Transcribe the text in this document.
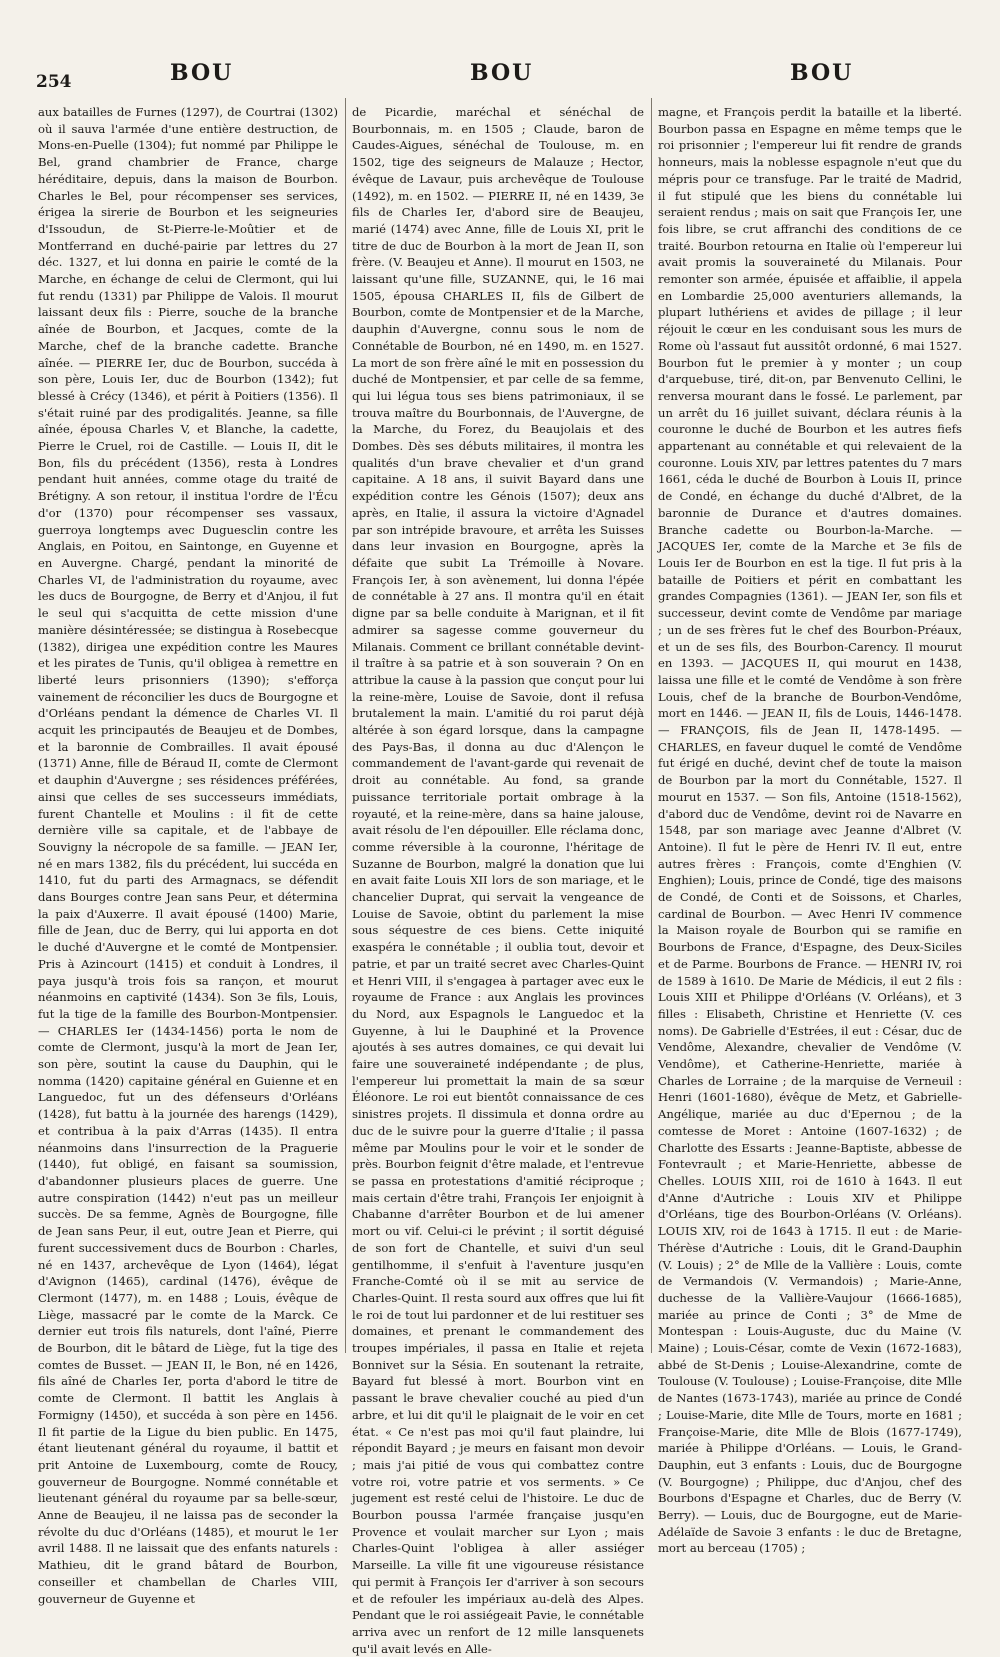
254	BOU	BOU	BOU

aux batailles de Furnes (1297), de Courtrai (1302) où il sauva l'armée d'une entière destruction, de Mons-en-Puelle (1304); fut nommé par Philippe le Bel, grand chambrier de France, charge héréditaire, depuis, dans la maison de Bourbon. Charles le Bel, pour récompenser ses services, érigea la sirerie de Bourbon et les seigneuries d'Issoudun, de St-Pierre-le-Moûtier et de Montferrand en duché-pairie par lettres du 27 déc. 1327, et lui donna en pairie le comté de la Marche, en échange de celui de Clermont, qui lui fut rendu (1331) par Philippe de Valois. Il mourut laissant deux fils : Pierre, souche de la branche aînée de Bourbon, et Jacques, comte de la Marche, chef de la branche cadette. Branche aînée. — PIERRE Ier, duc de Bourbon, succéda à son père, Louis Ier, duc de Bourbon (1342); fut blessé à Crécy (1346), et périt à Poitiers (1356). Il s'était ruiné par des prodigalités. Jeanne, sa fille aînée, épousa Charles V, et Blanche, la cadette, Pierre le Cruel, roi de Castille. — Louis II, dit le Bon, fils du précédent (1356), resta à Londres pendant huit années, comme otage du traité de Brétigny. A son retour, il institua l'ordre de l'Écu d'or (1370) pour récompenser ses vassaux, guerroya longtemps avec Duguesclin contre les Anglais, en Poitou, en Saintonge, en Guyenne et en Auvergne. Chargé, pendant la minorité de Charles VI, de l'administration du royaume, avec les ducs de Bourgogne, de Berry et d'Anjou, il fut le seul qui s'acquitta de cette mission d'une manière désintéressée; se distingua à Rosebecque (1382), dirigea une expédition contre les Maures et les pirates de Tunis, qu'il obligea à remettre en liberté leurs prisonniers (1390); s'efforça vainement de réconcilier les ducs de Bourgogne et d'Orléans pendant la démence de Charles VI. Il acquit les principautés de Beaujeu et de Dombes, et la baronnie de Combrailles. Il avait épousé (1371) Anne, fille de Béraud II, comte de Clermont et dauphin d'Auvergne ; ses résidences préférées, ainsi que celles de ses successeurs immédiats, furent Chantelle et Moulins : il fit de cette dernière ville sa capitale, et de l'abbaye de Souvigny la nécropole de sa famille. — JEAN Ier, né en mars 1382, fils du précédent, lui succéda en 1410, fut du parti des Armagnacs, se défendit dans Bourges contre Jean sans Peur, et détermina la paix d'Auxerre. Il avait épousé (1400) Marie, fille de Jean, duc de Berry, qui lui apporta en dot le duché d'Auvergne et le comté de Montpensier. Pris à Azincourt (1415) et conduit à Londres, il paya jusqu'à trois fois sa rançon, et mourut néanmoins en captivité (1434). Son 3e fils, Louis, fut la tige de la famille des Bourbon-Montpensier. — CHARLES Ier (1434-1456) porta le nom de comte de Clermont, jusqu'à la mort de Jean Ier, son père, soutint la cause du Dauphin, qui le nomma (1420) capitaine général en Guienne et en Languedoc, fut un des défenseurs d'Orléans (1428), fut battu à la journée des harengs (1429), et contribua à la paix d'Arras (1435). Il entra néanmoins dans l'insurrection de la Praguerie (1440), fut obligé, en faisant sa soumission, d'abandonner plusieurs places de guerre. Une autre conspiration (1442) n'eut pas un meilleur succès. De sa femme, Agnès de Bourgogne, fille de Jean sans Peur, il eut, outre Jean et Pierre, qui furent successivement ducs de Bourbon : Charles, né en 1437, archevêque de Lyon (1464), légat d'Avignon (1465), cardinal (1476), évêque de Clermont (1477), m. en 1488 ; Louis, évêque de Liège, massacré par le comte de la Marck. Ce dernier eut trois fils naturels, dont l'aîné, Pierre de Bourbon, dit le bâtard de Liège, fut la tige des comtes de Busset. — JEAN II, le Bon, né en 1426, fils aîné de Charles Ier, porta d'abord le titre de comte de Clermont. Il battit les Anglais à Formigny (1450), et succéda à son père en 1456. Il fit partie de la Ligue du bien public. En 1475, étant lieutenant général du royaume, il battit et prit Antoine de Luxembourg, comte de Roucy, gouverneur de Bourgogne. Nommé connétable et lieutenant général du royaume par sa belle-sœur, Anne de Beaujeu, il ne laissa pas de seconder la révolte du duc d'Orléans (1485), et mourut le 1er avril 1488. Il ne laissait que des enfants naturels : Mathieu, dit le grand bâtard de Bourbon, conseiller et chambellan de Charles VIII, gouverneur de Guyenne et

de Picardie, maréchal et sénéchal de Bourbonnais, m. en 1505 ; Claude, baron de Caudes-Aigues, sénéchal de Toulouse, m. en 1502, tige des seigneurs de Malauze ; Hector, évêque de Lavaur, puis archevêque de Toulouse (1492), m. en 1502. — PIERRE II, né en 1439, 3e fils de Charles Ier, d'abord sire de Beaujeu, marié (1474) avec Anne, fille de Louis XI, prit le titre de duc de Bourbon à la mort de Jean II, son frère. (V. Beaujeu et Anne). Il mourut en 1503, ne laissant qu'une fille, SUZANNE, qui, le 16 mai 1505, épousa CHARLES II, fils de Gilbert de Bourbon, comte de Montpensier et de la Marche, dauphin d'Auvergne, connu sous le nom de Connétable de Bourbon, né en 1490, m. en 1527. La mort de son frère aîné le mit en possession du duché de Montpensier, et par celle de sa femme, qui lui légua tous ses biens patrimoniaux, il se trouva maître du Bourbonnais, de l'Auvergne, de la Marche, du Forez, du Beaujolais et des Dombes. Dès ses débuts militaires, il montra les qualités d'un brave chevalier et d'un grand capitaine. A 18 ans, il suivit Bayard dans une expédition contre les Génois (1507); deux ans après, en Italie, il assura la victoire d'Agnadel par son intrépide bravoure, et arrêta les Suisses dans leur invasion en Bourgogne, après la défaite que subit La Trémoille à Novare. François Ier, à son avènement, lui donna l'épée de connétable à 27 ans. Il montra qu'il en était digne par sa belle conduite à Marignan, et il fit admirer sa sagesse comme gouverneur du Milanais. Comment ce brillant connétable devint-il traître à sa patrie et à son souverain ? On en attribue la cause à la passion que conçut pour lui la reine-mère, Louise de Savoie, dont il refusa brutalement la main. L'amitié du roi parut déjà altérée à son égard lorsque, dans la campagne des Pays-Bas, il donna au duc d'Alençon le commandement de l'avant-garde qui revenait de droit au connétable. Au fond, sa grande puissance territoriale portait ombrage à la royauté, et la reine-mère, dans sa haine jalouse, avait résolu de l'en dépouiller. Elle réclama donc, comme réversible à la couronne, l'héritage de Suzanne de Bourbon, malgré la donation que lui en avait faite Louis XII lors de son mariage, et le chancelier Duprat, qui servait la vengeance de Louise de Savoie, obtint du parlement la mise sous séquestre de ces biens. Cette iniquité exaspéra le connétable ; il oublia tout, devoir et patrie, et par un traité secret avec Charles-Quint et Henri VIII, il s'engagea à partager avec eux le royaume de France : aux Anglais les provinces du Nord, aux Espagnols le Languedoc et la Guyenne, à lui le Dauphiné et la Provence ajoutés à ses autres domaines, ce qui devait lui faire une souveraineté indépendante ; de plus, l'empereur lui promettait la main de sa sœur Éléonore. Le roi eut bientôt connaissance de ces sinistres projets. Il dissimula et donna ordre au duc de le suivre pour la guerre d'Italie ; il passa même par Moulins pour le voir et le sonder de près. Bourbon feignit d'être malade, et l'entrevue se passa en protestations d'amitié réciproque ; mais certain d'être trahi, François Ier enjoignit à Chabanne d'arrêter Bourbon et de lui amener mort ou vif. Celui-ci le prévint ; il sortit déguisé de son fort de Chantelle, et suivi d'un seul gentilhomme, il s'enfuit à l'aventure jusqu'en Franche-Comté où il se mit au service de Charles-Quint. Il resta sourd aux offres que lui fit le roi de tout lui pardonner et de lui restituer ses domaines, et prenant le commandement des troupes impériales, il passa en Italie et rejeta Bonnivet sur la Sésia. En soutenant la retraite, Bayard fut blessé à mort. Bourbon vint en passant le brave chevalier couché au pied d'un arbre, et lui dit qu'il le plaignait de le voir en cet état. « Ce n'est pas moi qu'il faut plaindre, lui répondit Bayard ; je meurs en faisant mon devoir ; mais j'ai pitié de vous qui combattez contre votre roi, votre patrie et vos serments. » Ce jugement est resté celui de l'histoire. Le duc de Bourbon poussa l'armée française jusqu'en Provence et voulait marcher sur Lyon ; mais Charles-Quint l'obligea à aller assiéger Marseille. La ville fit une vigoureuse résistance qui permit à François Ier d'arriver à son secours et de refouler les impériaux au-delà des Alpes. Pendant que le roi assiégeait Pavie, le connétable arriva avec un renfort de 12 mille lansquenets qu'il avait levés en Alle-

magne, et François perdit la bataille et la liberté. Bourbon passa en Espagne en même temps que le roi prisonnier ; l'empereur lui fit rendre de grands honneurs, mais la noblesse espagnole n'eut que du mépris pour ce transfuge. Par le traité de Madrid, il fut stipulé que les biens du connétable lui seraient rendus ; mais on sait que François Ier, une fois libre, se crut affranchi des conditions de ce traité. Bourbon retourna en Italie où l'empereur lui avait promis la souveraineté du Milanais. Pour remonter son armée, épuisée et affaiblie, il appela en Lombardie 25,000 aventuriers allemands, la plupart luthériens et avides de pillage ; il leur réjouit le cœur en les conduisant sous les murs de Rome où l'assaut fut aussitôt ordonné, 6 mai 1527. Bourbon fut le premier à y monter ; un coup d'arquebuse, tiré, dit-on, par Benvenuto Cellini, le renversa mourant dans le fossé. Le parlement, par un arrêt du 16 juillet suivant, déclara réunis à la couronne le duché de Bourbon et les autres fiefs appartenant au connétable et qui relevaient de la couronne. Louis XIV, par lettres patentes du 7 mars 1661, céda le duché de Bourbon à Louis II, prince de Condé, en échange du duché d'Albret, de la baronnie de Durance et d'autres domaines. Branche cadette ou Bourbon-la-Marche. — JACQUES Ier, comte de la Marche et 3e fils de Louis Ier de Bourbon en est la tige. Il fut pris à la bataille de Poitiers et périt en combattant les grandes Compagnies (1361). — JEAN Ier, son fils et successeur, devint comte de Vendôme par mariage ; un de ses frères fut le chef des Bourbon-Préaux, et un de ses fils, des Bourbon-Carency. Il mourut en 1393. — JACQUES II, qui mourut en 1438, laissa une fille et le comté de Vendôme à son frère Louis, chef de la branche de Bourbon-Vendôme, mort en 1446. — JEAN II, fils de Louis, 1446-1478. — FRANÇOIS, fils de Jean II, 1478-1495. — CHARLES, en faveur duquel le comté de Vendôme fut érigé en duché, devint chef de toute la maison de Bourbon par la mort du Connétable, 1527. Il mourut en 1537. — Son fils, Antoine (1518-1562), d'abord duc de Vendôme, devint roi de Navarre en 1548, par son mariage avec Jeanne d'Albret (V. Antoine). Il fut le père de Henri IV. Il eut, entre autres frères : François, comte d'Enghien (V. Enghien); Louis, prince de Condé, tige des maisons de Condé, de Conti et de Soissons, et Charles, cardinal de Bourbon. — Avec Henri IV commence la Maison royale de Bourbon qui se ramifie en Bourbons de France, d'Espagne, des Deux-Siciles et de Parme. Bourbons de France. — HENRI IV, roi de 1589 à 1610. De Marie de Médicis, il eut 2 fils : Louis XIII et Philippe d'Orléans (V. Orléans), et 3 filles : Elisabeth, Christine et Henriette (V. ces noms). De Gabrielle d'Estrées, il eut : César, duc de Vendôme, Alexandre, chevalier de Vendôme (V. Vendôme), et Catherine-Henriette, mariée à Charles de Lorraine ; de la marquise de Verneuil : Henri (1601-1680), évêque de Metz, et Gabrielle-Angélique, mariée au duc d'Epernou ; de la comtesse de Moret : Antoine (1607-1632) ; de Charlotte des Essarts : Jeanne-Baptiste, abbesse de Fontevrault ; et Marie-Henriette, abbesse de Chelles. LOUIS XIII, roi de 1610 à 1643. Il eut d'Anne d'Autriche : Louis XIV et Philippe d'Orléans, tige des Bourbon-Orléans (V. Orléans). LOUIS XIV, roi de 1643 à 1715. Il eut : de Marie-Thérèse d'Autriche : Louis, dit le Grand-Dauphin (V. Louis) ; 2° de Mlle de la Vallière : Louis, comte de Vermandois (V. Vermandois) ; Marie-Anne, duchesse de la Vallière-Vaujour (1666-1685), mariée au prince de Conti ; 3° de Mme de Montespan : Louis-Auguste, duc du Maine (V. Maine) ; Louis-César, comte de Vexin (1672-1683), abbé de St-Denis ; Louise-Alexandrine, comte de Toulouse (V. Toulouse) ; Louise-Françoise, dite Mlle de Nantes (1673-1743), mariée au prince de Condé ; Louise-Marie, dite Mlle de Tours, morte en 1681 ; Françoise-Marie, dite Mlle de Blois (1677-1749), mariée à Philippe d'Orléans. — Louis, le Grand-Dauphin, eut 3 enfants : Louis, duc de Bourgogne (V. Bourgogne) ; Philippe, duc d'Anjou, chef des Bourbons d'Espagne et Charles, duc de Berry (V. Berry). — Louis, duc de Bourgogne, eut de Marie-Adélaïde de Savoie 3 enfants : le duc de Bretagne, mort au berceau (1705) ;
